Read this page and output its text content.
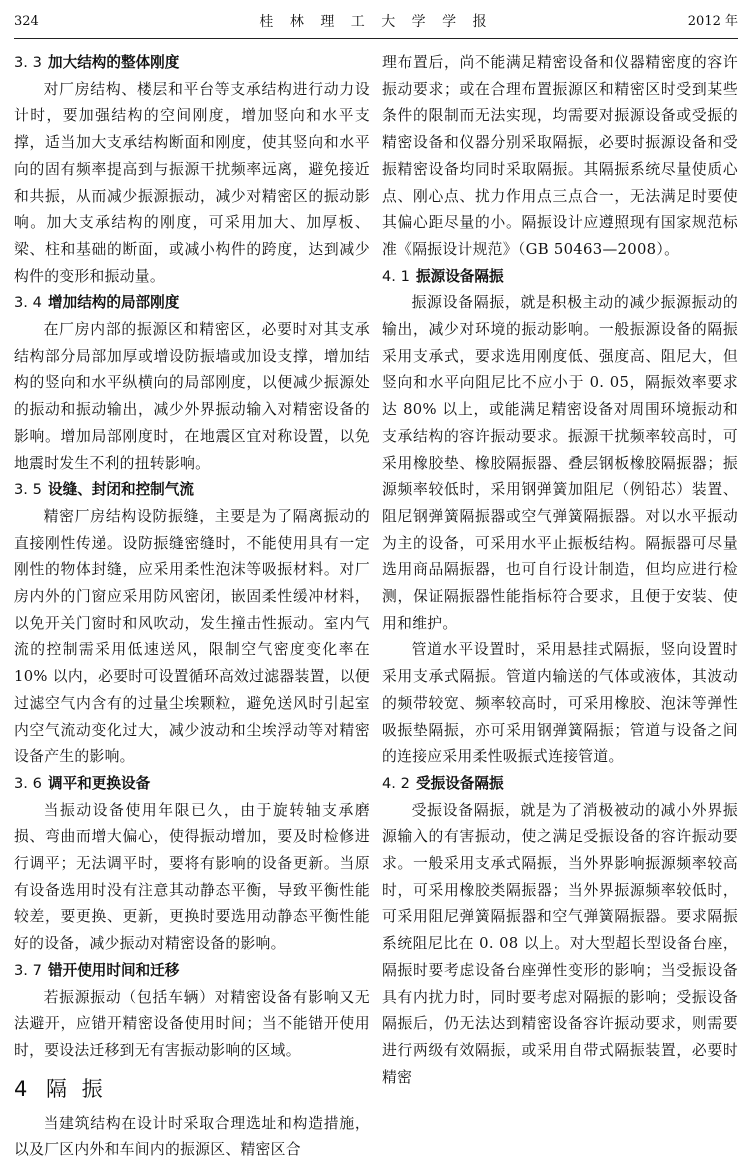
324	桂 林 理 工 大 学 学 报	2012 年
3. 3 加大结构的整体刚度

对厂房结构、楼层和平台等支承结构进行动力设计时，要加强结构的空间刚度，增加竖向和水平支撑，适当加大支承结构断面和刚度，使其竖向和水平向的固有频率提高到与振源干扰频率远离，避免接近和共振，从而减少振源振动，减少对精密区的振动影响。加大支承结构的刚度，可采用加大、加厚板、梁、柱和基础的断面，或减小构件的跨度，达到减少构件的变形和振动量。

3. 4 增加结构的局部刚度

在厂房内部的振源区和精密区，必要时对其支承结构部分局部加厚或增设防振墙或加设支撑，增加结构的竖向和水平纵横向的局部刚度，以便减少振源处的振动和振动输出，减少外界振动输入对精密设备的影响。增加局部刚度时，在地震区宜对称设置，以免地震时发生不利的扭转影响。

3. 5 设缝、封闭和控制气流

精密厂房结构设防振缝，主要是为了隔离振动的直接刚性传递。设防振缝密缝时，不能使用具有一定刚性的物体封缝，应采用柔性泡沫等吸振材料。对厂房内外的门窗应采用防风密闭，嵌固柔性缓冲材料，以免开关门窗时和风吹动，发生撞击性振动。室内气流的控制需采用低速送风，限制空气密度变化率在 10% 以内，必要时可设置循环高效过滤器装置，以便过滤空气内含有的过量尘埃颗粒，避免送风时引起室内空气流动变化过大，减少波动和尘埃浮动等对精密设备产生的影响。

3. 6 调平和更换设备

当振动设备使用年限已久，由于旋转轴支承磨损、弯曲而增大偏心，使得振动增加，要及时检修进行调平；无法调平时，要将有影响的设备更新。当原有设备选用时没有注意其动静态平衡，导致平衡性能较差，要更换、更新，更换时要选用动静态平衡性能好的设备，减少振动对精密设备的影响。

3. 7 错开使用时间和迁移

若振源振动（包括车辆）对精密设备有影响又无法避开，应错开精密设备使用时间；当不能错开使用时，要设法迁移到无有害振动影响的区域。

4 隔 振

当建筑结构在设计时采取合理选址和构造措施，以及厂区内外和车间内的振源区、精密区合

理布置后，尚不能满足精密设备和仪器精密度的容许振动要求；或在合理布置振源区和精密区时受到某些条件的限制而无法实现，均需要对振源设备或受振的精密设备和仪器分别采取隔振，必要时振源设备和受振精密设备均同时采取隔振。其隔振系统尽量使质心点、刚心点、扰力作用点三点合一，无法满足时要使其偏心距尽量的小。隔振设计应遵照现有国家规范标准《隔振设计规范》（GB 50463—2008）。

4. 1 振源设备隔振

振源设备隔振，就是积极主动的减少振源振动的输出，减少对环境的振动影响。一般振源设备的隔振采用支承式，要求选用刚度低、强度高、阻尼大，但竖向和水平向阻尼比不应小于 0. 05，隔振效率要求达 80% 以上，或能满足精密设备对周围环境振动和支承结构的容许振动要求。振源干扰频率较高时，可采用橡胶垫、橡胶隔振器、叠层钢板橡胶隔振器；振源频率较低时，采用钢弹簧加阻尼（例铅芯）装置、阻尼钢弹簧隔振器或空气弹簧隔振器。对以水平振动为主的设备，可采用水平止振板结构。隔振器可尽量选用商品隔振器，也可自行设计制造，但均应进行检测，保证隔振器性能指标符合要求，且便于安装、使用和维护。

管道水平设置时，采用悬挂式隔振，竖向设置时采用支承式隔振。管道内输送的气体或液体，其波动的频带较宽、频率较高时，可采用橡胶、泡沫等弹性吸振垫隔振，亦可采用钢弹簧隔振；管道与设备之间的连接应采用柔性吸振式连接管道。

4. 2 受振设备隔振

受振设备隔振，就是为了消极被动的减小外界振源输入的有害振动，使之满足受振设备的容许振动要求。一般采用支承式隔振，当外界影响振源频率较高时，可采用橡胶类隔振器；当外界振源频率较低时，可采用阻尼弹簧隔振器和空气弹簧隔振器。要求隔振系统阻尼比在 0. 08 以上。对大型超长型设备台座，隔振时要考虑设备台座弹性变形的影响；当受振设备具有内扰力时，同时要考虑对隔振的影响；受振设备隔振后，仍无法达到精密设备容许振动要求，则需要进行两级有效隔振，或采用自带式隔振装置，必要时精密
